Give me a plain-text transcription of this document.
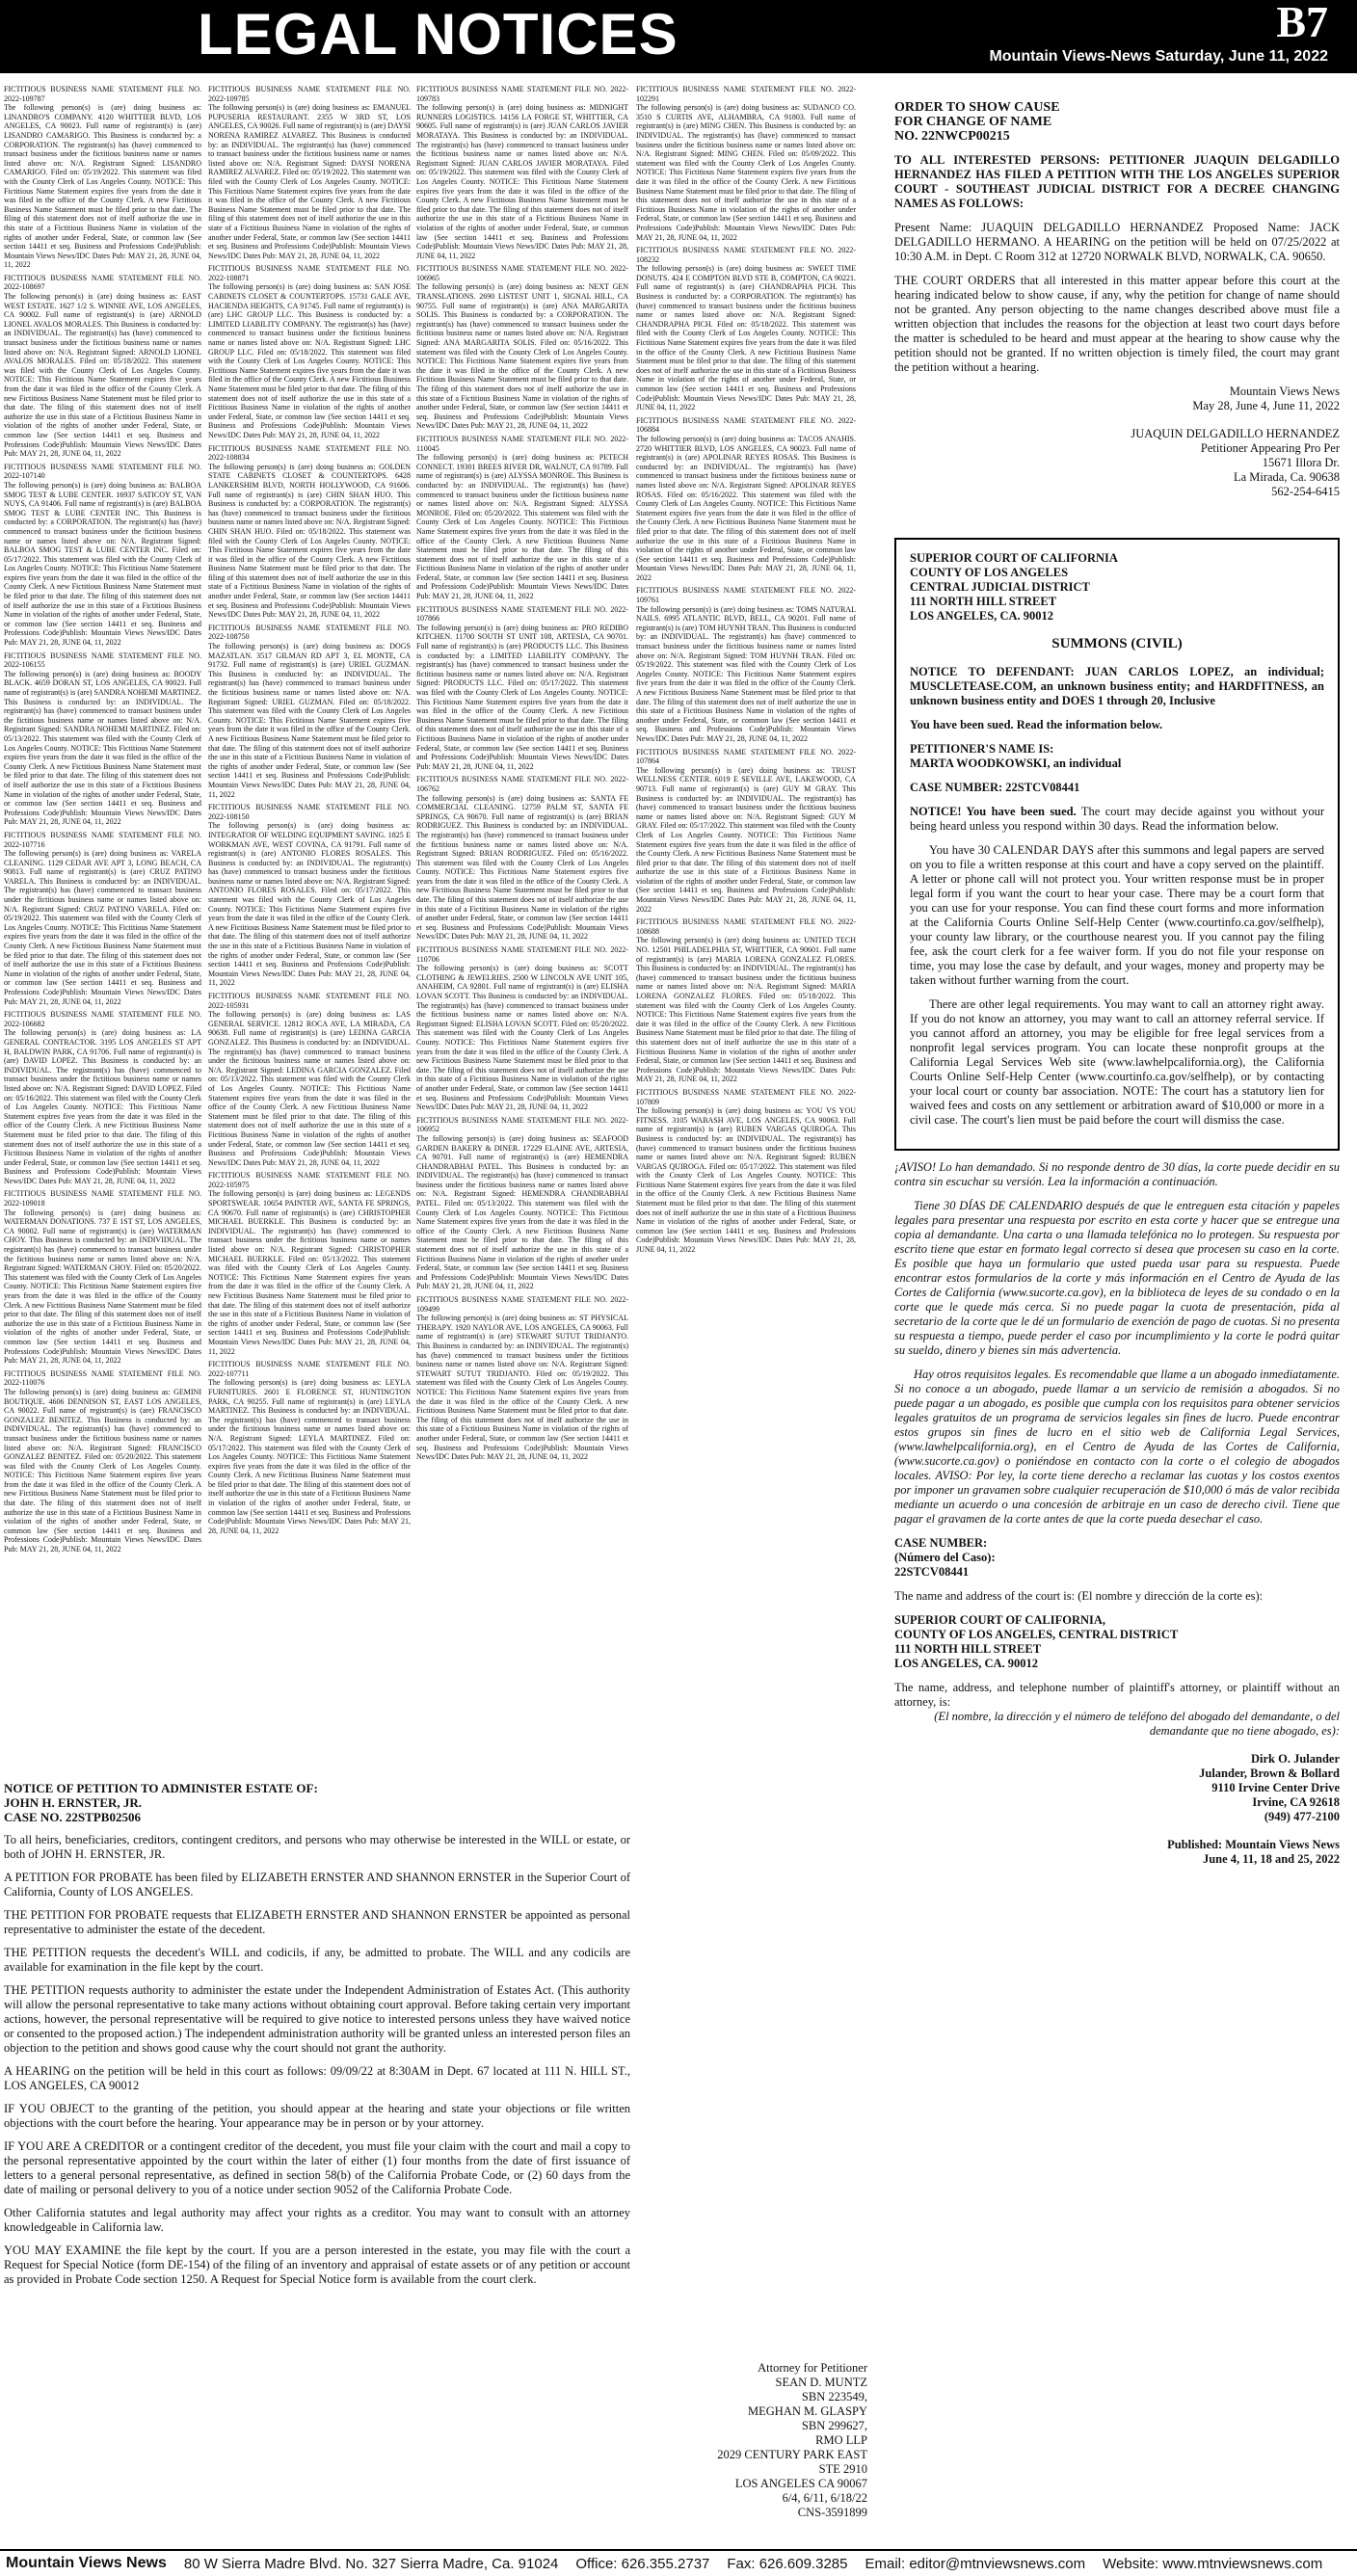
LEGAL NOTICES	B7
Mountain Views-News Saturday, June 11, 2022
FICTITIOUS BUSINESS NAME STATEMENT FILE NO. 2022-109787
The following person(s) is (are) doing business as: LINANDRO'S COMPANY. 4120 WHITTIER BLVD, LOS ANGELES, CA 90023. Full name of registrant(s) is (are) LISANDRO CAMARIGO. This Business is conducted by: a CORPORATION. The registrant(s) has (have) commenced to transact business under the fictitious business name or names listed above on: N/A. Registrant Signed: LISANDRO CAMARIGO. Filed on: 05/19/2022. This statement was filed with the County Clerk of Los Angeles County. NOTICE: This Fictitious Name Statement expires five years from the date it was filed in the office of the County Clerk. A new Fictitious Business Name Statement must be filed prior to that date. The filing of this statement does not of itself authorize the use in this state of a Fictitious Business Name in violation of the rights of another under Federal, State, or common law (See section 14411 et seq. Business and Professions Code)Publish: Mountain Views News/IDC Dates Pub: MAY 21, 28, JUNE 04, 11, 2022
FICTITIOUS BUSINESS NAME STATEMENT FILE NO. 2022-108697
The following person(s) is (are) doing business as: EAST WEST ESTATE. 1627 1/2 S. WINNIE AVE, LOS ANGELES, CA 90002. Full name of registrant(s) is (are) ARNOLD LIONEL AVALOS MORALES. This Business is conducted by: an INDIVIDUAL. The registrant(s) has (have) commenced to transact business under the fictitious business name or names listed above on: N/A. Registrant Signed: ARNOLD LIONEL AVALOS MORALES. Filed on: 05/18/2022. This statement was filed with the County Clerk of Los Angeles County. NOTICE: This Fictitious Name Statement expires five years from the date it was filed in the office of the County Clerk. A new Fictitious Business Name Statement must be filed prior to that date. The filing of this statement does not of itself authorize the use in this state of a Fictitious Business Name in violation of the rights of another under Federal, State, or common law (See section 14411 et seq. Business and Professions Code)Publish: Mountain Views News/IDC Dates Pub: MAY 21, 28, JUNE 04, 11, 2022
FICTITIOUS BUSINESS NAME STATEMENT FILE NO. 2022-107140
The following person(s) is (are) doing business as: BALBOA SMOG TEST & LUBE CENTER. 16937 SATICOY ST, VAN NUYS, CA 91406. Full name of registrant(s) is (are) BALBOA SMOG TEST & LUBE CENTER INC. This Business is conducted by: a CORPORATION. The registrant(s) has (have) commenced to transact business under the fictitious business name or names listed above on: N/A. Registrant Signed: BALBOA SMOG TEST & LUBE CENTER INC. Filed on: 05/17/2022. This statement was filed with the County Clerk of Los Angeles County. NOTICE: This Fictitious Name Statement expires five years from the date it was filed in the office of the County Clerk. A new Fictitious Business Name Statement must be filed prior to that date. The filing of this statement does not of itself authorize the use in this state of a Fictitious Business Name in violation of the rights of another under Federal, State, or common law (See section 14411 et seq. Business and Professions Code)Publish: Mountain Views News/IDC Dates Pub: MAY 21, 28, JUNE 04, 11, 2022
FICTITIOUS BUSINESS NAME STATEMENT FILE NO. 2022-106155
The following person(s) is (are) doing business as: BOODY BLACK. 4659 DORAN ST, LOS ANGELES, CA 90023. Full name of registrant(s) is (are) SANDRA NOHEMI MARTINEZ. This Business is conducted by: an INDIVIDUAL. The registrant(s) has (have) commenced to transact business under the fictitious business name or names listed above on: N/A. Registrant Signed: SANDRA NOHEMI MARTINEZ. Filed on: 05/13/2022. This statement was filed with the County Clerk of Los Angeles County. NOTICE: This Fictitious Name Statement expires five years from the date it was filed in the office of the County Clerk. A new Fictitious Business Name Statement must be filed prior to that date. The filing of this statement does not of itself authorize the use in this state of a Fictitious Business Name in violation of the rights of another under Federal, State, or common law (See section 14411 et seq. Business and Professions Code)Publish: Mountain Views News/IDC Dates Pub: MAY 21, 28, JUNE 04, 11, 2022
FICTITIOUS BUSINESS NAME STATEMENT FILE NO. 2022-107716
The following person(s) is (are) doing business as: VARELA CLEANING. 1129 CEDAR AVE APT 3, LONG BEACH, CA 90813. Full name of registrant(s) is (are) CRUZ PATINO VARELA. This Business is conducted by: an INDIVIDUAL. The registrant(s) has (have) commenced to transact business under the fictitious business name or names listed above on: N/A. Registrant Signed: CRUZ PATINO VARELA. Filed on: 05/19/2022. This statement was filed with the County Clerk of Los Angeles County. NOTICE: This Fictitious Name Statement expires five years from the date it was filed in the office of the County Clerk. A new Fictitious Business Name Statement must be filed prior to that date. The filing of this statement does not of itself authorize the use in this state of a Fictitious Business Name in violation of the rights of another under Federal, State, or common law (See section 14411 et seq. Business and Professions Code)Publish: Mountain Views News/IDC Dates Pub: MAY 21, 28, JUNE 04, 11, 2022
FICTITIOUS BUSINESS NAME STATEMENT FILE NO. 2022-106682
The following person(s) is (are) doing business as: LA GENERAL CONTRACTOR. 3195 LOS ANGELES ST APT H, BALDWIN PARK, CA 91706. Full name of registrant(s) is (are) DAVID LOPEZ. This Business is conducted by: an INDIVIDUAL. The registrant(s) has (have) commenced to transact business under the fictitious business name or names listed above on: N/A. Registrant Signed: DAVID LOPEZ. Filed on: 05/16/2022. This statement was filed with the County Clerk of Los Angeles County. NOTICE: This Fictitious Name Statement expires five years from the date it was filed in the office of the County Clerk. A new Fictitious Business Name Statement must be filed prior to that date. The filing of this statement does not of itself authorize the use in this state of a Fictitious Business Name in violation of the rights of another under Federal, State, or common law (See section 14411 et seq. Business and Professions Code)Publish: Mountain Views News/IDC Dates Pub: MAY 21, 28, JUNE 04, 11, 2022
FICTITIOUS BUSINESS NAME STATEMENT FILE NO. 2022-109018
The following person(s) is (are) doing business as: WATERMAN DONATIONS. 737 E 1ST ST, LOS ANGELES, CA 90002. Full name of registrant(s) is (are) WATERMAN CHOY. This Business is conducted by: an INDIVIDUAL. The registrant(s) has (have) commenced to transact business under the fictitious business name or names listed above on: N/A. Registrant Signed: WATERMAN CHOY. Filed on: 05/20/2022. This statement was filed with the County Clerk of Los Angeles County. NOTICE: This Fictitious Name Statement expires five years from the date it was filed in the office of the County Clerk. A new Fictitious Business Name Statement must be filed prior to that date. The filing of this statement does not of itself authorize the use in this state of a Fictitious Business Name in violation of the rights of another under Federal, State, or common law (See section 14411 et seq. Business and Professions Code)Publish: Mountain Views News/IDC Dates Pub: MAY 21, 28, JUNE 04, 11, 2022
FICTITIOUS BUSINESS NAME STATEMENT FILE NO. 2022-110076
The following person(s) is (are) doing business as: GEMINI BOUTIQUE. 4606 DENNISON ST, EAST LOS ANGELES, CA 90022. Full name of registrant(s) is (are) FRANCISCO GONZALEZ BENITEZ. This Business is conducted by: an INDIVIDUAL. The registrant(s) has (have) commenced to transact business under the fictitious business name or names listed above on: N/A. Registrant Signed: FRANCISCO GONZALEZ BENITEZ. Filed on: 05/20/2022. This statement was filed with the County Clerk of Los Angeles County. NOTICE: This Fictitious Name Statement expires five years from the date it was filed in the office of the County Clerk. A new Fictitious Business Name Statement must be filed prior to that date. The filing of this statement does not of itself authorize the use in this state of a Fictitious Business Name in violation of the rights of another under Federal, State, or common law (See section 14411 et seq. Business and Professions Code)Publish: Mountain Views News/IDC Dates Pub: MAY 21, 28, JUNE 04, 11, 2022
FICTITIOUS BUSINESS NAME STATEMENT FILE NO. 2022-109785
The following person(s) is (are) doing business as: EMANUEL PUPUSERIA RESTAURANT. 2355 W 3RD ST, LOS ANGELES, CA 90026. Full name of registrant(s) is (are) DAYSI NORENA RAMIREZ ALVAREZ. This Business is conducted by: an INDIVIDUAL. The registrant(s) has (have) commenced to transact business under the fictitious business name or names listed above on: N/A. Registrant Signed: DAYSI NORENA RAMIREZ ALVAREZ. Filed on: 05/19/2022. This statement was filed with the County Clerk of Los Angeles County. NOTICE: This Fictitious Name Statement expires five years from the date it was filed in the office of the County Clerk. A new Fictitious Business Name Statement must be filed prior to that date. The filing of this statement does not of itself authorize the use in this state of a Fictitious Business Name in violation of the rights of another under Federal, State, or common law (See section 14411 et seq. Business and Professions Code)Publish: Mountain Views News/IDC Dates Pub: MAY 21, 28, JUNE 04, 11, 2022
FICTITIOUS BUSINESS NAME STATEMENT FILE NO. 2022-108871
The following person(s) is (are) doing business as: SAN JOSE CABINETS CLOSET & COUNTERTOPS. 15731 GALE AVE, HACIENDA HEIGHTS, CA 91745. Full name of registrant(s) is (are) LHC GROUP LLC. This Business is conducted by: a LIMITED LIABILITY COMPANY. The registrant(s) has (have) commenced to transact business under the fictitious business name or names listed above on: N/A. Registrant Signed: LHC GROUP LLC. Filed on: 05/18/2022. This statement was filed with the County Clerk of Los Angeles County. NOTICE: This Fictitious Name Statement expires five years from the date it was filed in the office of the County Clerk. A new Fictitious Business Name Statement must be filed prior to that date. The filing of this statement does not of itself authorize the use in this state of a Fictitious Business Name in violation of the rights of another under Federal, State, or common law (See section 14411 et seq. Business and Professions Code)Publish: Mountain Views News/IDC Dates Pub: MAY 21, 28, JUNE 04, 11, 2022
FICTITIOUS BUSINESS NAME STATEMENT FILE NO. 2022-108834
The following person(s) is (are) doing business as: GOLDEN STATE CABINETS CLOSET & COUNTERTOPS. 6428 LANKERSHIM BLVD, NORTH HOLLYWOOD, CA 91606. Full name of registrant(s) is (are) CHIN SHAN HUO. This Business is conducted by: a CORPORATION. The registrant(s) has (have) commenced to transact business under the fictitious business name or names listed above on: N/A. Registrant Signed: CHIN SHAN HUO. Filed on: 05/18/2022. This statement was filed with the County Clerk of Los Angeles County. NOTICE: This Fictitious Name Statement expires five years from the date it was filed in the office of the County Clerk. A new Fictitious Business Name Statement must be filed prior to that date. The filing of this statement does not of itself authorize the use in this state of a Fictitious Business Name in violation of the rights of another under Federal, State, or common law (See section 14411 et seq. Business and Professions Code)Publish: Mountain Views News/IDC Dates Pub: MAY 21, 28, JUNE 04, 11, 2022
FICTITIOUS BUSINESS NAME STATEMENT FILE NO. 2022-108750
The following person(s) is (are) doing business as: DOGS MAZATLAN. 3517 GILMAN RD APT 3, EL MONTE, CA 91732. Full name of registrant(s) is (are) URIEL GUZMAN. This Business is conducted by: an INDIVIDUAL. The registrant(s) has (have) commenced to transact business under the fictitious business name or names listed above on: N/A. Registrant Signed: URIEL GUZMAN. Filed on: 05/18/2022. This statement was filed with the County Clerk of Los Angeles County. NOTICE: This Fictitious Name Statement expires five years from the date it was filed in the office of the County Clerk. A new Fictitious Business Name Statement must be filed prior to that date. The filing of this statement does not of itself authorize the use in this state of a Fictitious Business Name in violation of the rights of another under Federal, State, or common law (See section 14411 et seq. Business and Professions Code)Publish: Mountain Views News/IDC Dates Pub: MAY 21, 28, JUNE 04, 11, 2022
FICTITIOUS BUSINESS NAME STATEMENT FILE NO. 2022-108150
The following person(s) is (are) doing business as: INTEGRATOR OF WELDING EQUIPMENT SAVING. 1825 E WORKMAN AVE, WEST COVINA, CA 91791. Full name of registrant(s) is (are) ANTONIO FLORES ROSALES. This Business is conducted by: an INDIVIDUAL. The registrant(s) has (have) commenced to transact business under the fictitious business name or names listed above on: N/A. Registrant Signed: ANTONIO FLORES ROSALES. Filed on: 05/17/2022. This statement was filed with the County Clerk of Los Angeles County. NOTICE: This Fictitious Name Statement expires five years from the date it was filed in the office of the County Clerk. A new Fictitious Business Name Statement must be filed prior to that date. The filing of this statement does not of itself authorize the use in this state of a Fictitious Business Name in violation of the rights of another under Federal, State, or common law (See section 14411 et seq. Business and Professions Code)Publish: Mountain Views News/IDC Dates Pub: MAY 21, 28, JUNE 04, 11, 2022
FICTITIOUS BUSINESS NAME STATEMENT FILE NO. 2022-105931
The following person(s) is (are) doing business as: LAS GENERAL SERVICE. 12812 ROCA AVE, LA MIRADA, CA 90638. Full name of registrant(s) is (are) LEDINA GARCIA GONZALEZ. This Business is conducted by: an INDIVIDUAL. The registrant(s) has (have) commenced to transact business under the fictitious business name or names listed above on: N/A. Registrant Signed: LEDINA GARCIA GONZALEZ. Filed on: 05/13/2022. This statement was filed with the County Clerk of Los Angeles County. NOTICE: This Fictitious Name Statement expires five years from the date it was filed in the office of the County Clerk. A new Fictitious Business Name Statement must be filed prior to that date. The filing of this statement does not of itself authorize the use in this state of a Fictitious Business Name in violation of the rights of another under Federal, State, or common law (See section 14411 et seq. Business and Professions Code)Publish: Mountain Views News/IDC Dates Pub: MAY 21, 28, JUNE 04, 11, 2022
FICTITIOUS BUSINESS NAME STATEMENT FILE NO. 2022-105975
The following person(s) is (are) doing business as: LEGENDS SPORTSWEAR. 10654 PAINTER AVE, SANTA FE SPRINGS, CA 90670. Full name of registrant(s) is (are) CHRISTOPHER MICHAEL BUERKLE. This Business is conducted by: an INDIVIDUAL. The registrant(s) has (have) commenced to transact business under the fictitious business name or names listed above on: N/A. Registrant Signed: CHRISTOPHER MICHAEL BUERKLE. Filed on: 05/13/2022. This statement was filed with the County Clerk of Los Angeles County. NOTICE: This Fictitious Name Statement expires five years from the date it was filed in the office of the County Clerk. A new Fictitious Business Name Statement must be filed prior to that date. The filing of this statement does not of itself authorize the use in this state of a Fictitious Business Name in violation of the rights of another under Federal, State, or common law (See section 14411 et seq. Business and Professions Code)Publish: Mountain Views News/IDC Dates Pub: MAY 21, 28, JUNE 04, 11, 2022
FICTITIOUS BUSINESS NAME STATEMENT FILE NO. 2022-107711
The following person(s) is (are) doing business as: LEYLA FURNITURES. 2601 E FLORENCE ST, HUNTINGTON PARK, CA 90255. Full name of registrant(s) is (are) LEYLA MARTINEZ. This Business is conducted by: an INDIVIDUAL. The registrant(s) has (have) commenced to transact business under the fictitious business name or names listed above on: N/A. Registrant Signed: LEYLA MARTINEZ. Filed on: 05/17/2022. This statement was filed with the County Clerk of Los Angeles County. NOTICE: This Fictitious Name Statement expires five years from the date it was filed in the office of the County Clerk. A new Fictitious Business Name Statement must be filed prior to that date. The filing of this statement does not of itself authorize the use in this state of a Fictitious Business Name in violation of the rights of another under Federal, State, or common law (See section 14411 et seq. Business and Professions Code)Publish: Mountain Views News/IDC Dates Pub: MAY 21, 28, JUNE 04, 11, 2022
FICTITIOUS BUSINESS NAME STATEMENT FILE NO. 2022-109783
The following person(s) is (are) doing business as: MIDNIGHT RUNNERS LOGISTICS. 14156 LA FORGE ST, WHITTIER, CA 90605. Full name of registrant(s) is (are) JUAN CARLOS JAVIER MORATAYA. This Business is conducted by: an INDIVIDUAL. The registrant(s) has (have) commenced to transact business under the fictitious business name or names listed above on: N/A. Registrant Signed: JUAN CARLOS JAVIER MORATAYA. Filed on: 05/19/2022. This statement was filed with the County Clerk of Los Angeles County. NOTICE: This Fictitious Name Statement expires five years from the date it was filed in the office of the County Clerk. A new Fictitious Business Name Statement must be filed prior to that date. The filing of this statement does not of itself authorize the use in this state of a Fictitious Business Name in violation of the rights of another under Federal, State, or common law (See section 14411 et seq. Business and Professions Code)Publish: Mountain Views News/IDC Dates Pub: MAY 21, 28, JUNE 04, 11, 2022
FICTITIOUS BUSINESS NAME STATEMENT FILE NO. 2022-106965
The following person(s) is (are) doing business as: NEXT GEN TRANSLATIONS. 2690 LISTEST UNIT 1, SIGNAL HILL, CA 90755. Full name of registrant(s) is (are) ANA MARGARITA SOLIS. This Business is conducted by: a CORPORATION. The registrant(s) has (have) commenced to transact business under the fictitious business name or names listed above on: N/A. Registrant Signed: ANA MARGARITA SOLIS. Filed on: 05/16/2022. This statement was filed with the County Clerk of Los Angeles County. NOTICE: This Fictitious Name Statement expires five years from the date it was filed in the office of the County Clerk. A new Fictitious Business Name Statement must be filed prior to that date. The filing of this statement does not of itself authorize the use in this state of a Fictitious Business Name in violation of the rights of another under Federal, State, or common law (See section 14411 et seq. Business and Professions Code)Publish: Mountain Views News/IDC Dates Pub: MAY 21, 28, JUNE 04, 11, 2022
FICTITIOUS BUSINESS NAME STATEMENT FILE NO. 2022-110045
The following person(s) is (are) doing business as: PETECH CONNECT. 19301 BREES RIVER DR, WALNUT, CA 91789. Full name of registrant(s) is (are) ALYSSA MONROE. This Business is conducted by: an INDIVIDUAL. The registrant(s) has (have) commenced to transact business under the fictitious business name or names listed above on: N/A. Registrant Signed: ALYSSA MONROE. Filed on: 05/20/2022. This statement was filed with the County Clerk of Los Angeles County. NOTICE: This Fictitious Name Statement expires five years from the date it was filed in the office of the County Clerk. A new Fictitious Business Name Statement must be filed prior to that date. The filing of this statement does not of itself authorize the use in this state of a Fictitious Business Name in violation of the rights of another under Federal, State, or common law (See section 14411 et seq. Business and Professions Code)Publish: Mountain Views News/IDC Dates Pub: MAY 21, 28, JUNE 04, 11, 2022
FICTITIOUS BUSINESS NAME STATEMENT FILE NO. 2022-107866
The following person(s) is (are) doing business as: PRO REDIBO KITCHEN. 11700 SOUTH ST UNIT 108, ARTESIA, CA 90701. Full name of registrant(s) is (are) PRODUCTS LLC. This Business is conducted by: a LIMITED LIABILITY COMPANY. The registrant(s) has (have) commenced to transact business under the fictitious business name or names listed above on: N/A. Registrant Signed: PRODUCTS LLC. Filed on: 05/17/2022. This statement was filed with the County Clerk of Los Angeles County. NOTICE: This Fictitious Name Statement expires five years from the date it was filed in the office of the County Clerk. A new Fictitious Business Name Statement must be filed prior to that date. The filing of this statement does not of itself authorize the use in this state of a Fictitious Business Name in violation of the rights of another under Federal, State, or common law (See section 14411 et seq. Business and Professions Code)Publish: Mountain Views News/IDC Dates Pub: MAY 21, 28, JUNE 04, 11, 2022
FICTITIOUS BUSINESS NAME STATEMENT FILE NO. 2022-106762
The following person(s) is (are) doing business as: SANTA FE COMMERCIAL CLEANING. 12759 PALM ST, SANTA FE SPRINGS, CA 90670. Full name of registrant(s) is (are) BRIAN RODRIGUEZ. This Business is conducted by: an INDIVIDUAL. The registrant(s) has (have) commenced to transact business under the fictitious business name or names listed above on: N/A. Registrant Signed: BRIAN RODRIGUEZ. Filed on: 05/16/2022. This statement was filed with the County Clerk of Los Angeles County. NOTICE: This Fictitious Name Statement expires five years from the date it was filed in the office of the County Clerk. A new Fictitious Business Name Statement must be filed prior to that date. The filing of this statement does not of itself authorize the use in this state of a Fictitious Business Name in violation of the rights of another under Federal, State, or common law (See section 14411 et seq. Business and Professions Code)Publish: Mountain Views News/IDC Dates Pub: MAY 21, 28, JUNE 04, 11, 2022
FICTITIOUS BUSINESS NAME STATEMENT FILE NO. 2022-110706
The following person(s) is (are) doing business as: SCOTT CLOTHING & JEWELRIES. 2500 W LINCOLN AVE UNIT 105, ANAHEIM, CA 92801. Full name of registrant(s) is (are) ELISHA LOVAN SCOTT. This Business is conducted by: an INDIVIDUAL. The registrant(s) has (have) commenced to transact business under the fictitious business name or names listed above on: N/A. Registrant Signed: ELISHA LOVAN SCOTT. Filed on: 05/20/2022. This statement was filed with the County Clerk of Los Angeles County. NOTICE: This Fictitious Name Statement expires five years from the date it was filed in the office of the County Clerk. A new Fictitious Business Name Statement must be filed prior to that date. The filing of this statement does not of itself authorize the use in this state of a Fictitious Business Name in violation of the rights of another under Federal, State, or common law (See section 14411 et seq. Business and Professions Code)Publish: Mountain Views News/IDC Dates Pub: MAY 21, 28, JUNE 04, 11, 2022
FICTITIOUS BUSINESS NAME STATEMENT FILE NO. 2022-106952
The following person(s) is (are) doing business as: SEAFOOD GARDEN BAKERY & DINER. 17229 ELAINE AVE, ARTESIA, CA 90701. Full name of registrant(s) is (are) HEMENDRA CHANDRABHAI PATEL. This Business is conducted by: an INDIVIDUAL. The registrant(s) has (have) commenced to transact business under the fictitious business name or names listed above on: N/A. Registrant Signed: HEMENDRA CHANDRABHAI PATEL. Filed on: 05/13/2022. This statement was filed with the County Clerk of Los Angeles County. NOTICE: This Fictitious Name Statement expires five years from the date it was filed in the office of the County Clerk. A new Fictitious Business Name Statement must be filed prior to that date. The filing of this statement does not of itself authorize the use in this state of a Fictitious Business Name in violation of the rights of another under Federal, State, or common law (See section 14411 et seq. Business and Professions Code)Publish: Mountain Views News/IDC Dates Pub: MAY 21, 28, JUNE 04, 11, 2022
FICTITIOUS BUSINESS NAME STATEMENT FILE NO. 2022-109499
The following person(s) is (are) doing business as: ST PHYSICAL THERAPY. 1920 NAYLOR AVE, LOS ANGELES, CA 90063. Full name of registrant(s) is (are) STEWART SUTUT TRIDJANTO. This Business is conducted by: an INDIVIDUAL. The registrant(s) has (have) commenced to transact business under the fictitious business name or names listed above on: N/A. Registrant Signed: STEWART SUTUT TRIDJANTO. Filed on: 05/19/2022. This statement was filed with the County Clerk of Los Angeles County. NOTICE: This Fictitious Name Statement expires five years from the date it was filed in the office of the County Clerk. A new Fictitious Business Name Statement must be filed prior to that date. The filing of this statement does not of itself authorize the use in this state of a Fictitious Business Name in violation of the rights of another under Federal, State, or common law (See section 14411 et seq. Business and Professions Code)Publish: Mountain Views News/IDC Dates Pub: MAY 21, 28, JUNE 04, 11, 2022
FICTITIOUS BUSINESS NAME STATEMENT FILE NO. 2022-102291
The following person(s) is (are) doing business as: SUDANCO CO. 3510 S CURTIS AVE, ALHAMBRA, CA 91803. Full name of registrant(s) is (are) MING CHEN. This Business is conducted by: an INDIVIDUAL. The registrant(s) has (have) commenced to transact business under the fictitious business name or names listed above on: N/A. Registrant Signed: MING CHEN. Filed on: 05/09/2022. This statement was filed with the County Clerk of Los Angeles County. NOTICE: This Fictitious Name Statement expires five years from the date it was filed in the office of the County Clerk. A new Fictitious Business Name Statement must be filed prior to that date. The filing of this statement does not of itself authorize the use in this state of a Fictitious Business Name in violation of the rights of another under Federal, State, or common law (See section 14411 et seq. Business and Professions Code)Publish: Mountain Views News/IDC Dates Pub: MAY 21, 28, JUNE 04, 11, 2022
FICTITIOUS BUSINESS NAME STATEMENT FILE NO. 2022-108232
The following person(s) is (are) doing business as: SWEET TIME DONUTS. 424 E COMPTON BLVD STE B, COMPTON, CA 90221. Full name of registrant(s) is (are) CHANDRAPHA PICH. This Business is conducted by: a CORPORATION. The registrant(s) has (have) commenced to transact business under the fictitious business name or names listed above on: N/A. Registrant Signed: CHANDRAPHA PICH. Filed on: 05/18/2022. This statement was filed with the County Clerk of Los Angeles County. NOTICE: This Fictitious Name Statement expires five years from the date it was filed in the office of the County Clerk. A new Fictitious Business Name Statement must be filed prior to that date. The filing of this statement does not of itself authorize the use in this state of a Fictitious Business Name in violation of the rights of another under Federal, State, or common law (See section 14411 et seq. Business and Professions Code)Publish: Mountain Views News/IDC Dates Pub: MAY 21, 28, JUNE 04, 11, 2022
FICTITIOUS BUSINESS NAME STATEMENT FILE NO. 2022-106884
The following person(s) is (are) doing business as: TACOS ANAHIS. 2720 WHITTIER BLVD, LOS ANGELES, CA 90023. Full name of registrant(s) is (are) APOLINAR REYES ROSAS. This Business is conducted by: an INDIVIDUAL. The registrant(s) has (have) commenced to transact business under the fictitious business name or names listed above on: N/A. Registrant Signed: APOLINAR REYES ROSAS. Filed on: 05/16/2022. This statement was filed with the County Clerk of Los Angeles County. NOTICE: This Fictitious Name Statement expires five years from the date it was filed in the office of the County Clerk. A new Fictitious Business Name Statement must be filed prior to that date. The filing of this statement does not of itself authorize the use in this state of a Fictitious Business Name in violation of the rights of another under Federal, State, or common law (See section 14411 et seq. Business and Professions Code)Publish: Mountain Views News/IDC Dates Pub: MAY 21, 28, JUNE 04, 11, 2022
FICTITIOUS BUSINESS NAME STATEMENT FILE NO. 2022-109761
The following person(s) is (are) doing business as: TOMS NATURAL NAILS. 6995 ATLANTIC BLVD, BELL, CA 90201. Full name of registrant(s) is (are) TOM HUYNH TRAN. This Business is conducted by: an INDIVIDUAL. The registrant(s) has (have) commenced to transact business under the fictitious business name or names listed above on: N/A. Registrant Signed: TOM HUYNH TRAN. Filed on: 05/19/2022. This statement was filed with the County Clerk of Los Angeles County. NOTICE: This Fictitious Name Statement expires five years from the date it was filed in the office of the County Clerk. A new Fictitious Business Name Statement must be filed prior to that date. The filing of this statement does not of itself authorize the use in this state of a Fictitious Business Name in violation of the rights of another under Federal, State, or common law (See section 14411 et seq. Business and Professions Code)Publish: Mountain Views News/IDC Dates Pub: MAY 21, 28, JUNE 04, 11, 2022
FICTITIOUS BUSINESS NAME STATEMENT FILE NO. 2022-107864
The following person(s) is (are) doing business as: TRUST WELLNESS CENTER. 6019 E SEVILLE AVE, LAKEWOOD, CA 90713. Full name of registrant(s) is (are) GUY M GRAY. This Business is conducted by: an INDIVIDUAL. The registrant(s) has (have) commenced to transact business under the fictitious business name or names listed above on: N/A. Registrant Signed: GUY M GRAY. Filed on: 05/17/2022. This statement was filed with the County Clerk of Los Angeles County. NOTICE: This Fictitious Name Statement expires five years from the date it was filed in the office of the County Clerk. A new Fictitious Business Name Statement must be filed prior to that date. The filing of this statement does not of itself authorize the use in this state of a Fictitious Business Name in violation of the rights of another under Federal, State, or common law (See section 14411 et seq. Business and Professions Code)Publish: Mountain Views News/IDC Dates Pub: MAY 21, 28, JUNE 04, 11, 2022
FICTITIOUS BUSINESS NAME STATEMENT FILE NO. 2022-108688
The following person(s) is (are) doing business as: UNITED TECH NO. 12501 PHILADELPHIA ST, WHITTIER, CA 90601. Full name of registrant(s) is (are) MARIA LORENA GONZALEZ FLORES. This Business is conducted by: an INDIVIDUAL. The registrant(s) has (have) commenced to transact business under the fictitious business name or names listed above on: N/A. Registrant Signed: MARIA LORENA GONZALEZ FLORES. Filed on: 05/18/2022. This statement was filed with the County Clerk of Los Angeles County. NOTICE: This Fictitious Name Statement expires five years from the date it was filed in the office of the County Clerk. A new Fictitious Business Name Statement must be filed prior to that date. The filing of this statement does not of itself authorize the use in this state of a Fictitious Business Name in violation of the rights of another under Federal, State, or common law (See section 14411 et seq. Business and Professions Code)Publish: Mountain Views News/IDC Dates Pub: MAY 21, 28, JUNE 04, 11, 2022
FICTITIOUS BUSINESS NAME STATEMENT FILE NO. 2022-107809
The following person(s) is (are) doing business as: YOU VS YOU FITNESS. 3105 WABASH AVE, LOS ANGELES, CA 90063. Full name of registrant(s) is (are) RUBEN VARGAS QUIROGA. This Business is conducted by: an INDIVIDUAL. The registrant(s) has (have) commenced to transact business under the fictitious business name or names listed above on: N/A. Registrant Signed: RUBEN VARGAS QUIROGA. Filed on: 05/17/2022. This statement was filed with the County Clerk of Los Angeles County. NOTICE: This Fictitious Name Statement expires five years from the date it was filed in the office of the County Clerk. A new Fictitious Business Name Statement must be filed prior to that date. The filing of this statement does not of itself authorize the use in this state of a Fictitious Business Name in violation of the rights of another under Federal, State, or common law (See section 14411 et seq. Business and Professions Code)Publish: Mountain Views News/IDC Dates Pub: MAY 21, 28, JUNE 04, 11, 2022
NOTICE OF PETITION TO ADMINISTER ESTATE OF:
JOHN H. ERNSTER, JR.
CASE NO. 22STPB02506

To all heirs, beneficiaries, creditors, contingent creditors, and persons who may otherwise be interested in the WILL or estate, or both of JOHN H. ERNSTER, JR.

A PETITION FOR PROBATE has been filed by ELIZABETH ERNSTER AND SHANNON ERNSTER in the Superior Court of California, County of LOS ANGELES.

THE PETITION FOR PROBATE requests that ELIZABETH ERNSTER AND SHANNON ERNSTER be appointed as personal representative to administer the estate of the decedent.

THE PETITION requests the decedent's WILL and codicils, if any, be admitted to probate. The WILL and any codicils are available for examination in the file kept by the court.

THE PETITION requests authority to administer the estate under the Independent Administration of Estates Act. (This authority will allow the personal representative to take many actions without obtaining court approval. Before taking certain very important actions, however, the personal representative will be required to give notice to interested persons unless they have waived notice or consented to the proposed action.) The independent administration authority will be granted unless an interested person files an objection to the petition and shows good cause why the court should not grant the authority.

A HEARING on the petition will be held in this court as follows: 09/09/22 at 8:30AM in Dept. 67 located at 111 N. HILL ST., LOS ANGELES, CA 90012

IF YOU OBJECT to the granting of the petition, you should appear at the hearing and state your objections or file written objections with the court before the hearing. Your appearance may be in person or by your attorney.

IF YOU ARE A CREDITOR or a contingent creditor of the decedent, you must file your claim with the court and mail a copy to the personal representative appointed by the court within the later of either (1) four months from the date of first issuance of letters to a general personal representative, as defined in section 58(b) of the California Probate Code, or (2) 60 days from the date of mailing or personal delivery to you of a notice under section 9052 of the California Probate Code.

Other California statutes and legal authority may affect your rights as a creditor. You may want to consult with an attorney knowledgeable in California law.

YOU MAY EXAMINE the file kept by the court. If you are a person interested in the estate, you may file with the court a Request for Special Notice (form DE-154) of the filing of an inventory and appraisal of estate assets or of any petition or account as provided in Probate Code section 1250. A Request for Special Notice form is available from the court clerk.

Attorney for Petitioner
SEAN D. MUNTZ
SBN 223549,
MEGHAN M. GLASPY
SBN 299627,
RMO LLP
2029 CENTURY PARK EAST
STE 2910
LOS ANGELES CA 90067
6/4, 6/11, 6/18/22
CNS-3591899
ORDER TO SHOW CAUSE
FOR CHANGE OF NAME
NO. 22NWCP00215

TO ALL INTERESTED PERSONS: PETITIONER JUAQUIN DELGADILLO HERNANDEZ HAS FILED A PETITION WITH THE LOS ANGELES SUPERIOR COURT - SOUTHEAST JUDICIAL DISTRICT FOR A DECREE CHANGING NAMES AS FOLLOWS:

Present Name: JUAQUIN DELGADILLO HERNANDEZ Proposed Name: JACK DELGADILLO HERMANO. A HEARING on the petition will be held on 07/25/2022 at 10:30 A.M. in Dept. C Room 312 at 12720 NORWALK BLVD, NORWALK, CA. 90650.

THE COURT ORDERS that all interested in this matter appear before this court at the hearing indicated below to show cause, if any, why the petition for change of name should not be granted. Any person objecting to the name changes described above must file a written objection that includes the reasons for the objection at least two court days before the matter is scheduled to be heard and must appear at the hearing to show cause why the petition should not be granted. If no written objection is timely filed, the court may grant the petition without a hearing.

Mountain Views News
May 28, June 4, June 11, 2022
JUAQUIN DELGADILLO HERNANDEZ
Petitioner Appearing Pro Per
15671 Illora Dr.
La Mirada, Ca. 90638
562-254-6415
SUPERIOR COURT OF CALIFORNIA
COUNTY OF LOS ANGELES
CENTRAL JUDICIAL DISTRICT
111 NORTH HILL STREET
LOS ANGELES, CA. 90012
SUMMONS (CIVIL)

NOTICE TO DEFENDANT: JUAN CARLOS LOPEZ, an individual; MUSCLETEASE.COM, an unknown business entity; and HARDFITNESS, an unknown business entity and DOES 1 through 20, Inclusive

You have been sued. Read the information below.

PETITIONER'S NAME IS:
MARTA WOODKOWSKI, an individual

CASE NUMBER: 22STCV08441

NOTICE! You have been sued. The court may decide against you without your being heard unless you respond within 30 days. Read the information below.

You have 30 CALENDAR DAYS after this summons and legal papers are served on you to file a written response at this court and have a copy served on the plaintiff. A letter or phone call will not protect you. Your written response must be in proper legal form if you want the court to hear your case. There may be a court form that you can use for your response. You can find these court forms and more information at the California Courts Online Self-Help Center (www.courtinfo.ca.gov/selfhelp), your county law library, or the courthouse nearest you. If you cannot pay the filing fee, ask the court clerk for a fee waiver form. If you do not file your response on time, you may lose the case by default, and your wages, money and property may be taken without further warning from the court.

There are other legal requirements. You may want to call an attorney right away. If you do not know an attorney, you may want to call an attorney referral service. If you cannot afford an attorney, you may be eligible for free legal services from a nonprofit legal services program. You can locate these nonprofit groups at the California Legal Services Web site (www.lawhelpcalifornia.org), the California Courts Online Self-Help Center (www.courtinfo.ca.gov/selfhelp), or by contacting your local court or county bar association. NOTE: The court has a statutory lien for waived fees and costs on any settlement or arbitration award of $10,000 or more in a civil case. The court's lien must be paid before the court will dismiss the case.

¡AVISO! Lo han demandado. Si no responde dentro de 30 días, la corte puede decidir en su contra sin escuchar su versión. Lea la información a continuación.

Tiene 30 DÍAS DE CALENDARIO después de que le entreguen esta citación y papeles legales para presentar una respuesta por escrito en esta corte y hacer que se entregue una copia al demandante. Una carta o una llamada telefónica no lo protegen. Su respuesta por escrito tiene que estar en formato legal correcto si desea que procesen su caso en la corte. Es posible que haya un formulario que usted pueda usar para su respuesta. Puede encontrar estos formularios de la corte y más información en el Centro de Ayuda de las Cortes de California (www.sucorte.ca.gov), en la biblioteca de leyes de su condado o en la corte que le quede más cerca. Si no puede pagar la cuota de presentación, pida al secretario de la corte que le dé un formulario de exención de pago de cuotas. Si no presenta su respuesta a tiempo, puede perder el caso por incumplimiento y la corte le podrá quitar su sueldo, dinero y bienes sin más advertencia.

Hay otros requisitos legales. Es recomendable que llame a un abogado inmediatamente. Si no conoce a un abogado, puede llamar a un servicio de remisión a abogados. Si no puede pagar a un abogado, es posible que cumpla con los requisitos para obtener servicios legales gratuitos de un programa de servicios legales sin fines de lucro. Puede encontrar estos grupos sin fines de lucro en el sitio web de California Legal Services, (www.lawhelpcalifornia.org), en el Centro de Ayuda de las Cortes de California, (www.sucorte.ca.gov) o poniéndose en contacto con la corte o el colegio de abogados locales. AVISO: Por ley, la corte tiene derecho a reclamar las cuotas y los costos exentos por imponer un gravamen sobre cualquier recuperación de $10,000 ó más de valor recibida mediante un acuerdo o una concesión de arbitraje en un caso de derecho civil. Tiene que pagar el gravamen de la corte antes de que la corte pueda desechar el caso.

CASE NUMBER:
(Número del Caso):
22STCV08441

The name and address of the court is: (El nombre y dirección de la corte es):

SUPERIOR COURT OF CALIFORNIA,
COUNTY OF LOS ANGELES, CENTRAL DISTRICT
111 NORTH HILL STREET
LOS ANGELES, CA. 90012

The name, address, and telephone number of plaintiff's attorney, or plaintiff without an attorney, is:

(El nombre, la dirección y el número de teléfono del abogado del demandante, o del demandante que no tiene abogado, es):
Dirk O. Julander
Julander, Brown & Bollard
9110 Irvine Center Drive
Irvine, CA 92618
(949) 477-2100
Published: Mountain Views News
June 4, 11, 18 and 25, 2022
Mountain Views News 80 W Sierra Madre Blvd. No. 327 Sierra Madre, Ca. 91024 Office: 626.355.2737 Fax: 626.609.3285 Email: editor@mtnviewsnews.com Website: www.mtnviewsnews.com
